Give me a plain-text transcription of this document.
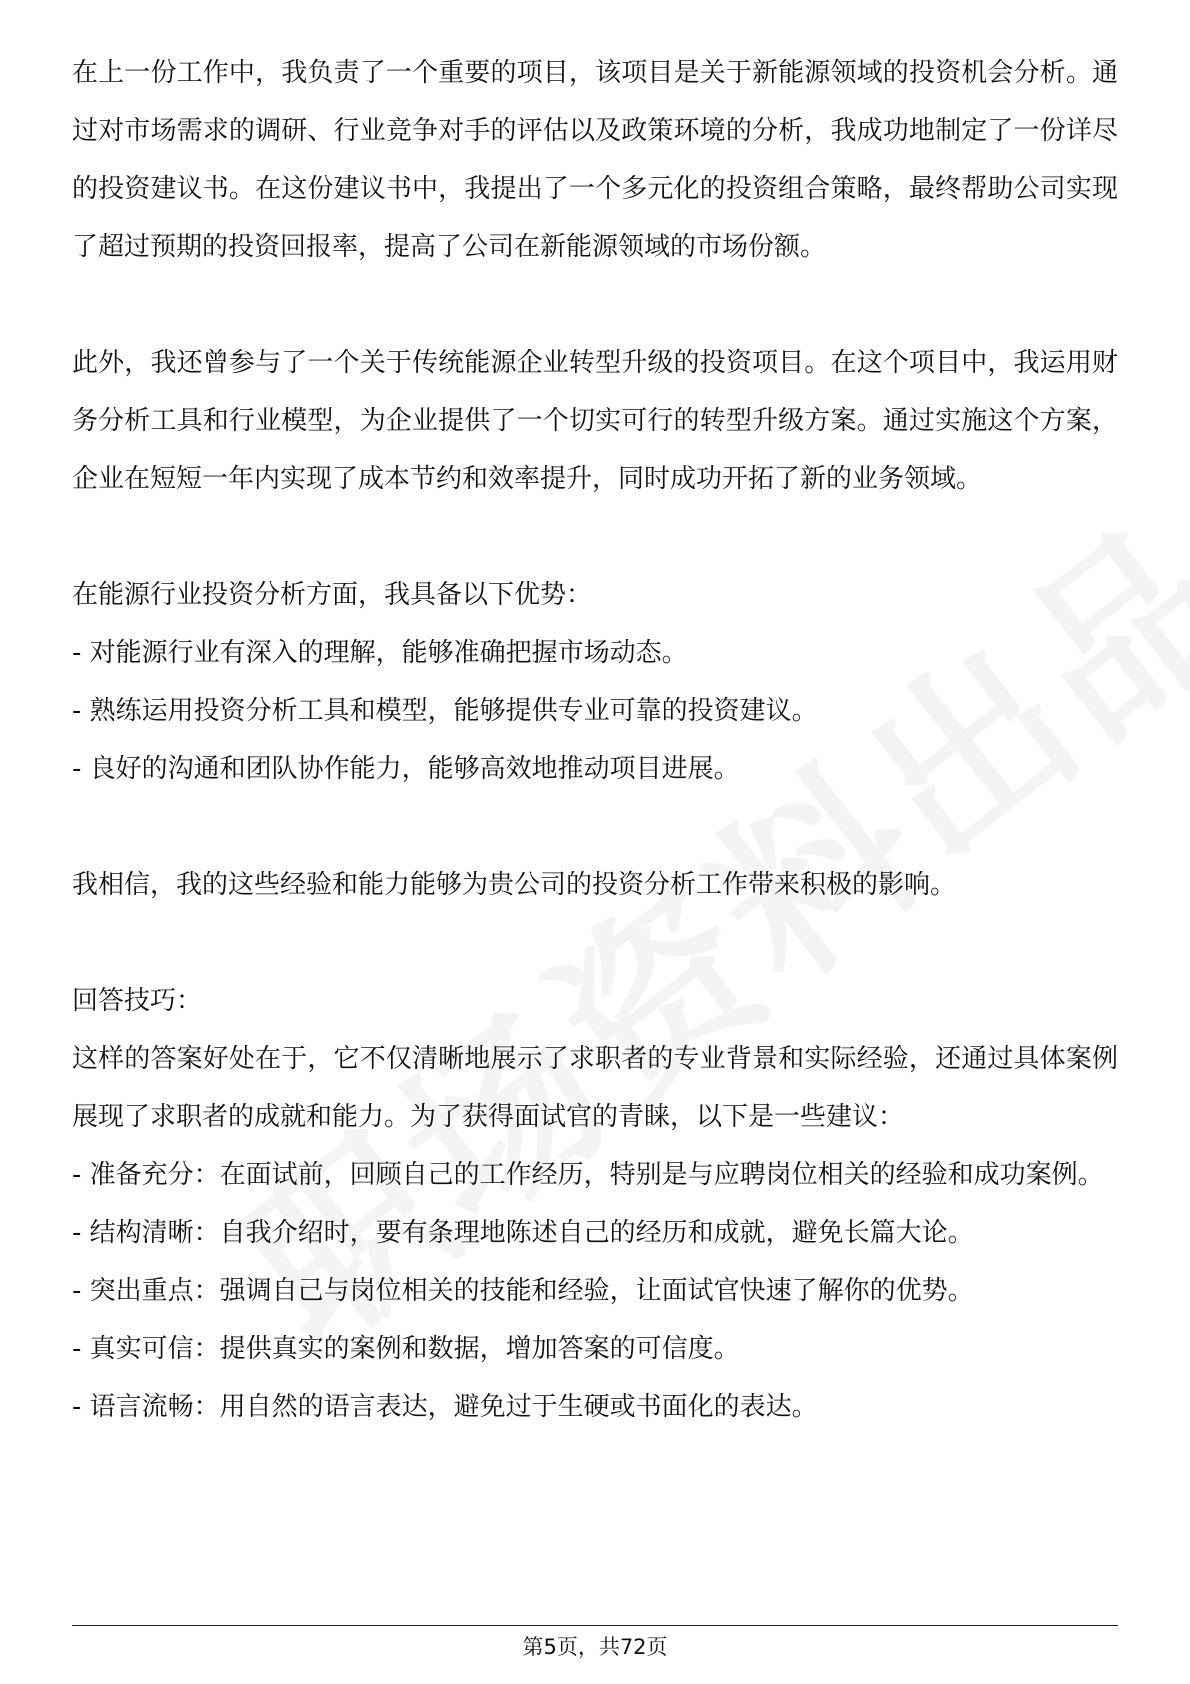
在上一份工作中，我负责了一个重要的项目，该项目是关于新能源领域的投资机会分析。通过对市场需求的调研、行业竞争对手的评估以及政策环境的分析，我成功地制定了一份详尽的投资建议书。在这份建议书中，我提出了一个多元化的投资组合策略，最终帮助公司实现了超过预期的投资回报率，提高了公司在新能源领域的市场份额。

此外，我还曾参与了一个关于传统能源企业转型升级的投资项目。在这个项目中，我运用财务分析工具和行业模型，为企业提供了一个切实可行的转型升级方案。通过实施这个方案，企业在短短一年内实现了成本节约和效率提升，同时成功开拓了新的业务领域。

在能源行业投资分析方面，我具备以下优势：

- 对能源行业有深入的理解，能够准确把握市场动态。

- 熟练运用投资分析工具和模型，能够提供专业可靠的投资建议。

- 良好的沟通和团队协作能力，能够高效地推动项目进展。

我相信，我的这些经验和能力能够为贵公司的投资分析工作带来积极的影响。

回答技巧：

这样的答案好处在于，它不仅清晰地展示了求职者的专业背景和实际经验，还通过具体案例展现了求职者的成就和能力。为了获得面试官的青睐，以下是一些建议：

- 准备充分：在面试前，回顾自己的工作经历，特别是与应聘岗位相关的经验和成功案例。

- 结构清晰：自我介绍时，要有条理地陈述自己的经历和成就，避免长篇大论。

- 突出重点：强调自己与岗位相关的技能和经验，让面试官快速了解你的优势。

- 真实可信：提供真实的案例和数据，增加答案的可信度。

- 语言流畅：用自然的语言表达，避免过于生硬或书面化的表达。

第5页，共72页
